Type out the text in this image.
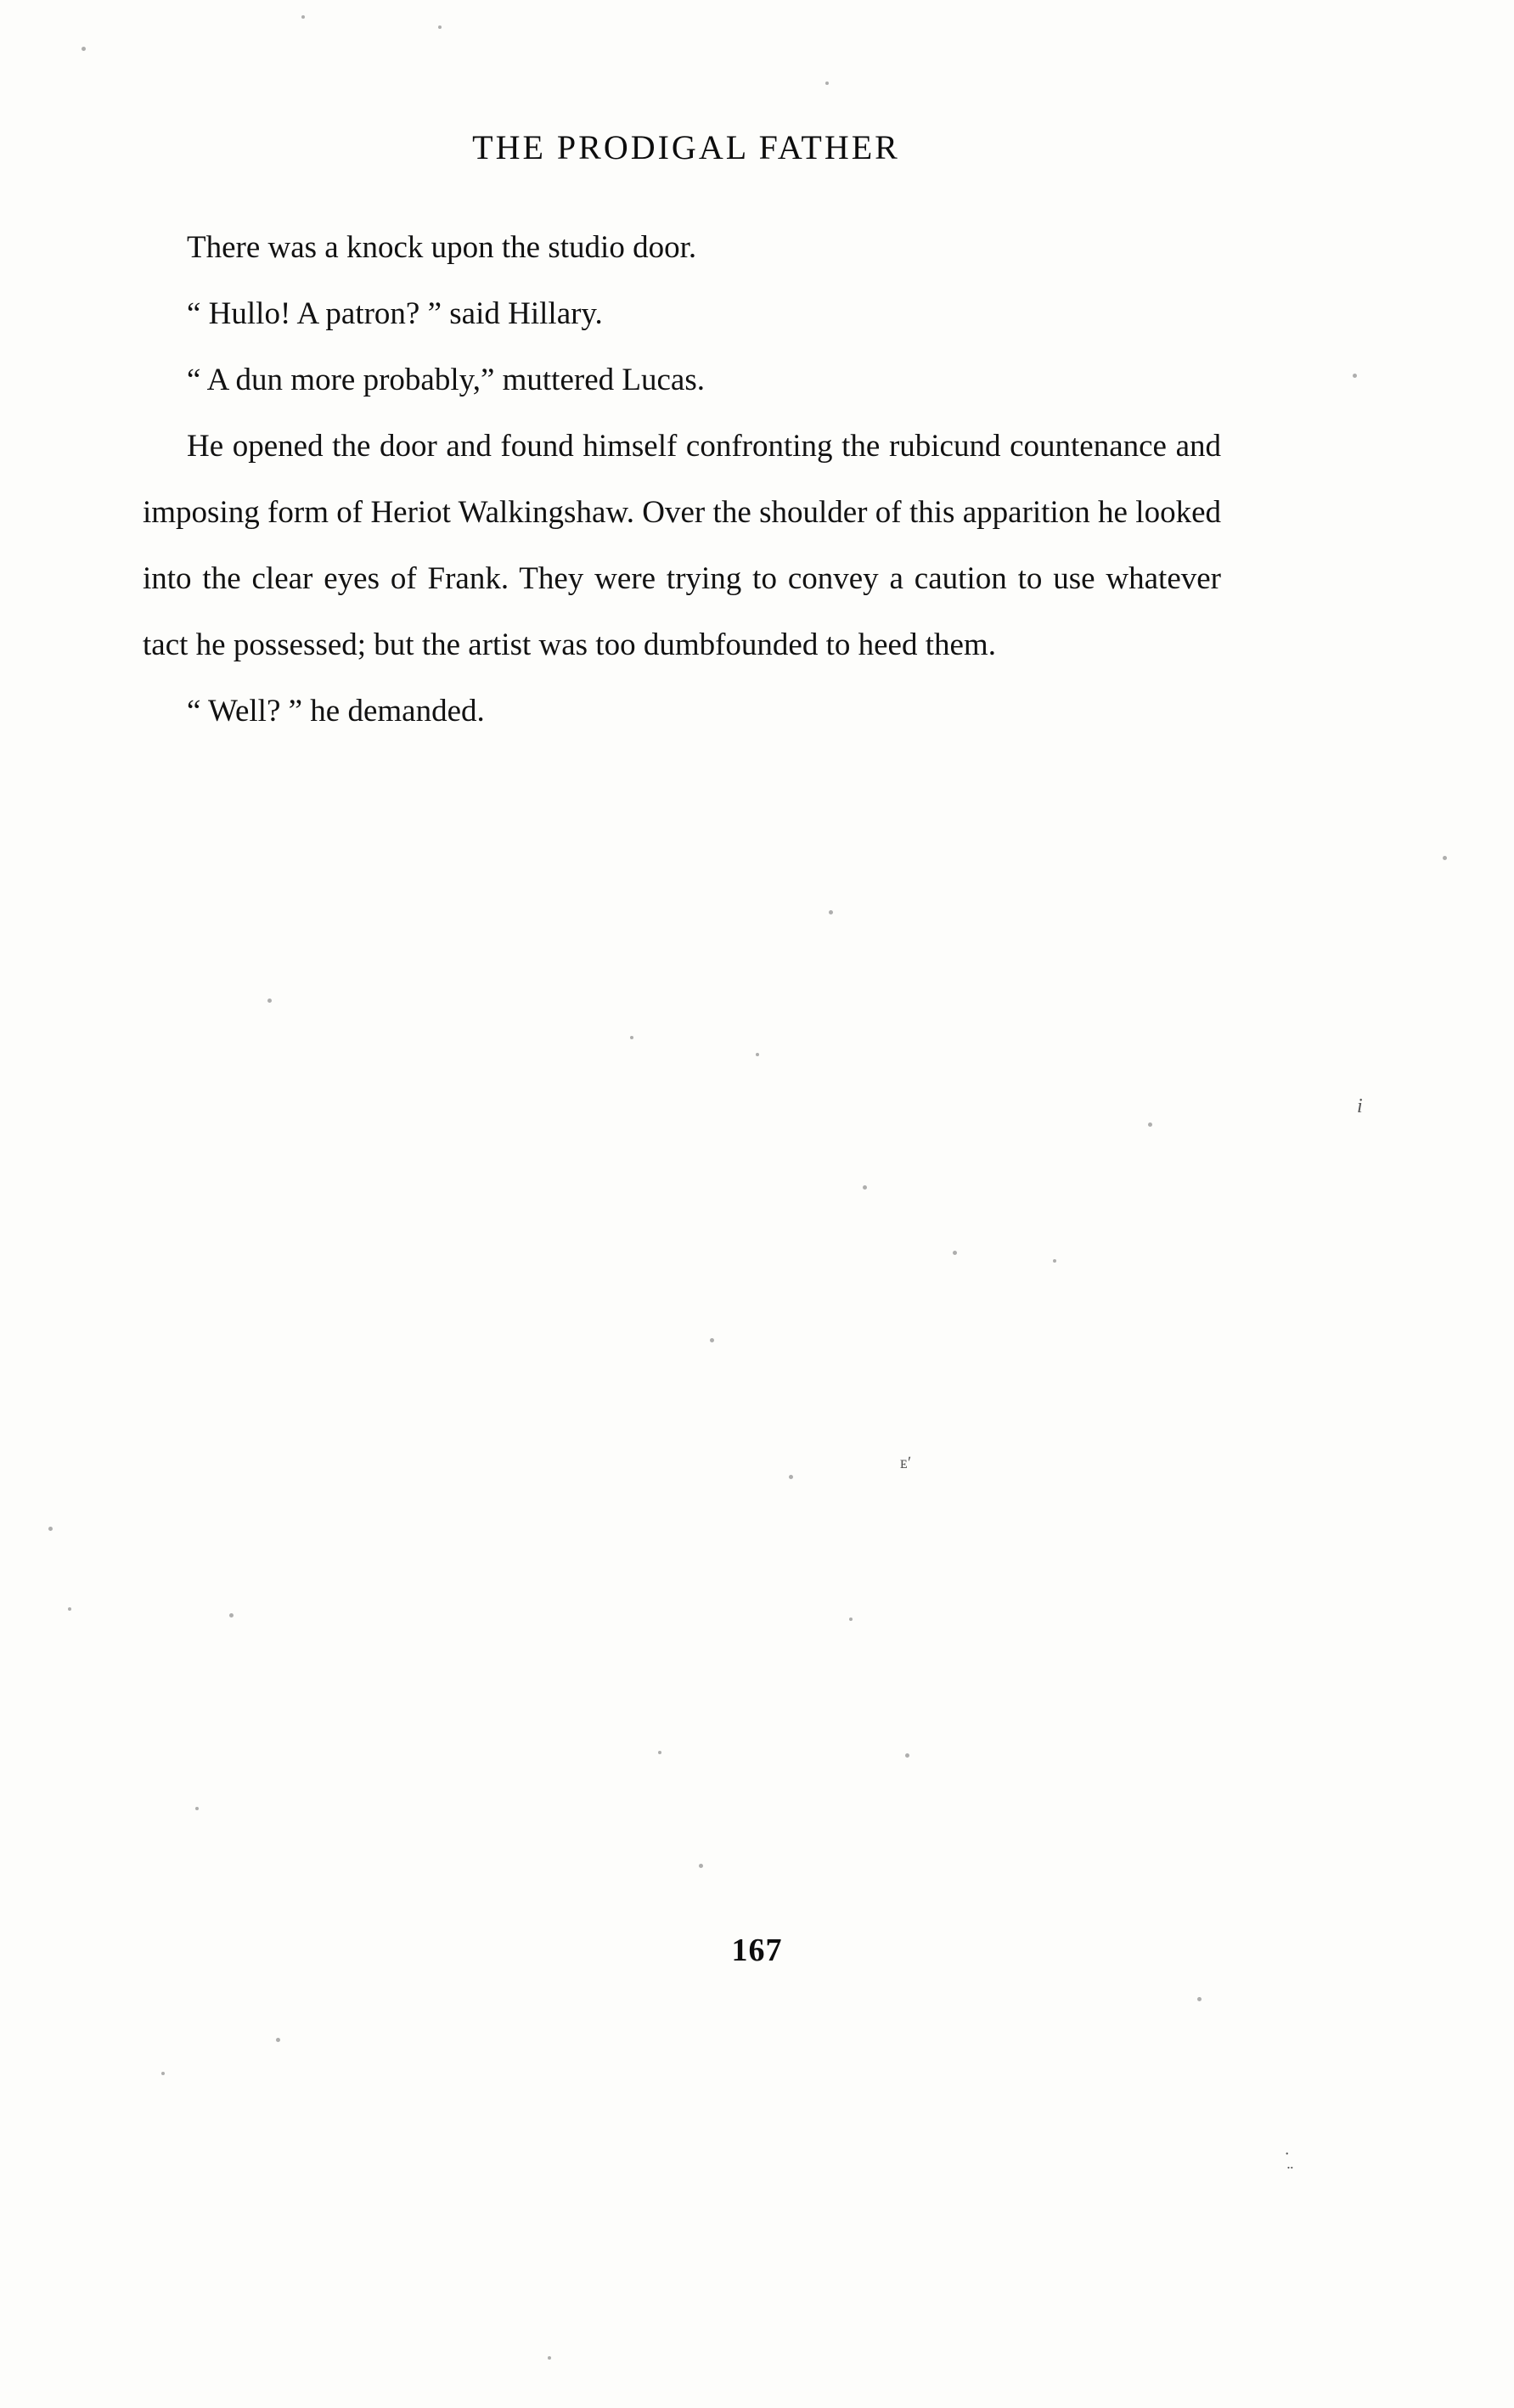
i
ᴇʹ
˙̤
THE PRODIGAL FATHER

There was a knock upon the studio door.

“ Hullo! A patron? ” said Hillary.

“ A dun more probably,” muttered Lucas.

He opened the door and found himself confronting the rubicund countenance and imposing form of Heriot Walkingshaw. Over the shoulder of this apparition he looked into the clear eyes of Frank. They were trying to convey a caution to use whatever tact he possessed; but the artist was too dumbfounded to heed them.

“ Well? ” he demanded.

167
